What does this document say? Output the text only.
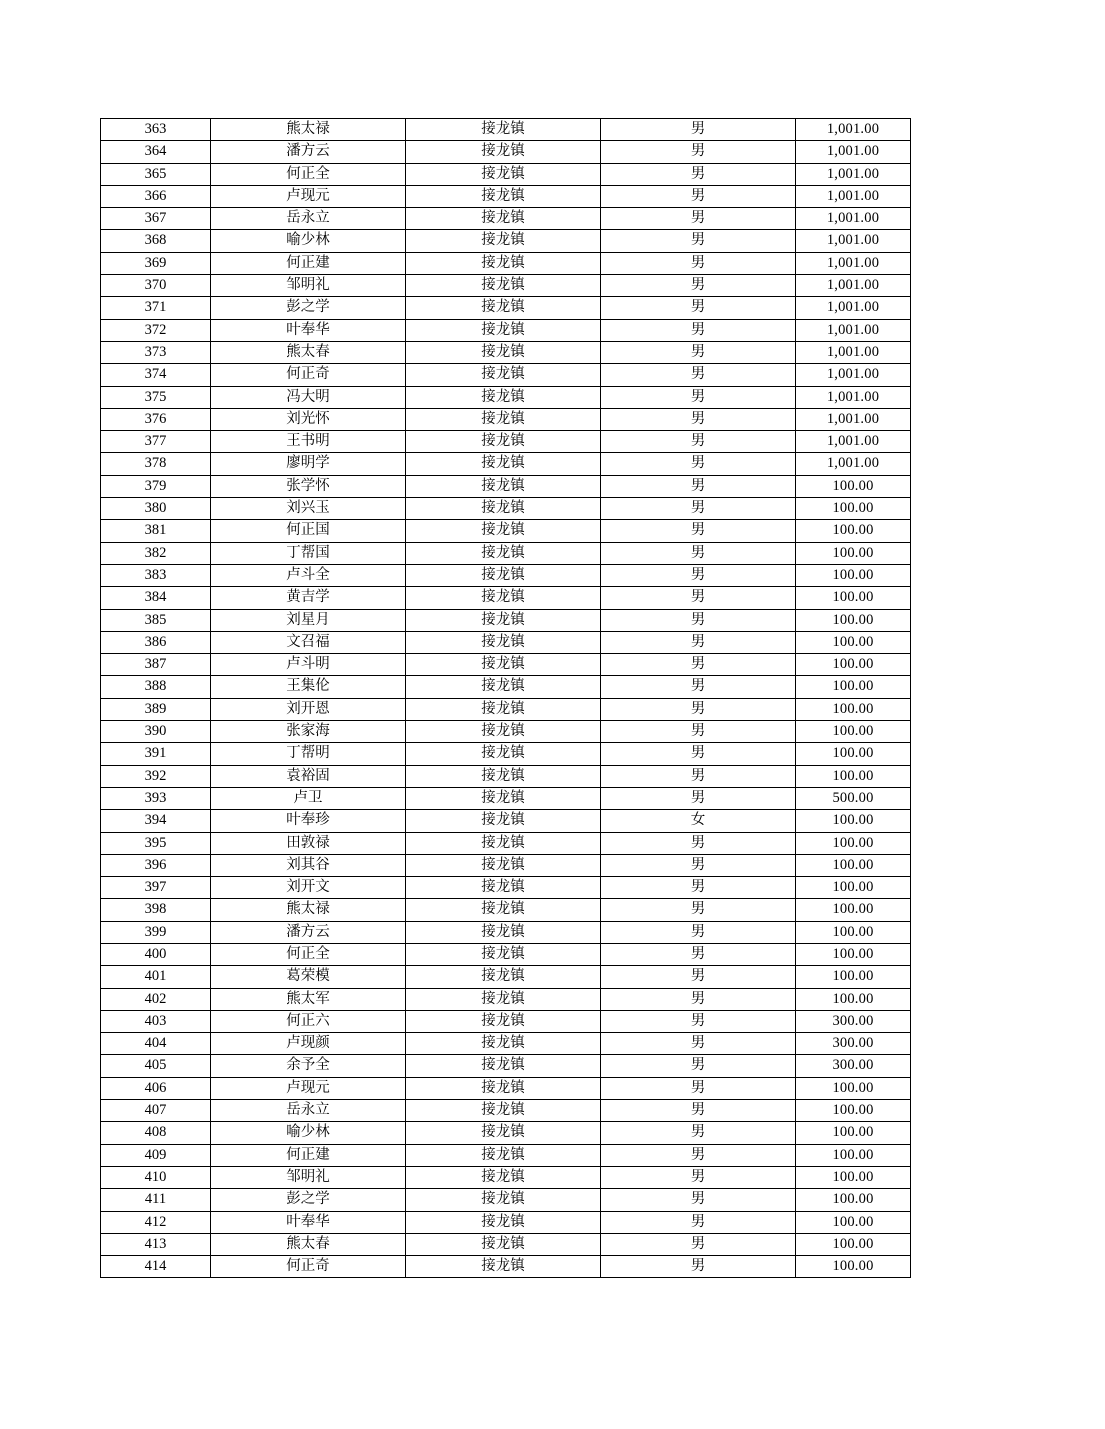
363	熊太禄	接龙镇	男	1,001.00
364	潘方云	接龙镇	男	1,001.00
365	何正全	接龙镇	男	1,001.00
366	卢现元	接龙镇	男	1,001.00
367	岳永立	接龙镇	男	1,001.00
368	喻少林	接龙镇	男	1,001.00
369	何正建	接龙镇	男	1,001.00
370	邹明礼	接龙镇	男	1,001.00
371	彭之学	接龙镇	男	1,001.00
372	叶奉华	接龙镇	男	1,001.00
373	熊太春	接龙镇	男	1,001.00
374	何正奇	接龙镇	男	1,001.00
375	冯大明	接龙镇	男	1,001.00
376	刘光怀	接龙镇	男	1,001.00
377	王书明	接龙镇	男	1,001.00
378	廖明学	接龙镇	男	1,001.00
379	张学怀	接龙镇	男	100.00
380	刘兴玉	接龙镇	男	100.00
381	何正国	接龙镇	男	100.00
382	丁帮国	接龙镇	男	100.00
383	卢斗全	接龙镇	男	100.00
384	黄吉学	接龙镇	男	100.00
385	刘星月	接龙镇	男	100.00
386	文召福	接龙镇	男	100.00
387	卢斗明	接龙镇	男	100.00
388	王集伦	接龙镇	男	100.00
389	刘开恩	接龙镇	男	100.00
390	张家海	接龙镇	男	100.00
391	丁帮明	接龙镇	男	100.00
392	袁裕固	接龙镇	男	100.00
393	卢卫	接龙镇	男	500.00
394	叶奉珍	接龙镇	女	100.00
395	田敦禄	接龙镇	男	100.00
396	刘其谷	接龙镇	男	100.00
397	刘开文	接龙镇	男	100.00
398	熊太禄	接龙镇	男	100.00
399	潘方云	接龙镇	男	100.00
400	何正全	接龙镇	男	100.00
401	葛荣模	接龙镇	男	100.00
402	熊太军	接龙镇	男	100.00
403	何正六	接龙镇	男	300.00
404	卢现颜	接龙镇	男	300.00
405	余予全	接龙镇	男	300.00
406	卢现元	接龙镇	男	100.00
407	岳永立	接龙镇	男	100.00
408	喻少林	接龙镇	男	100.00
409	何正建	接龙镇	男	100.00
410	邹明礼	接龙镇	男	100.00
411	彭之学	接龙镇	男	100.00
412	叶奉华	接龙镇	男	100.00
413	熊太春	接龙镇	男	100.00
414	何正奇	接龙镇	男	100.00
